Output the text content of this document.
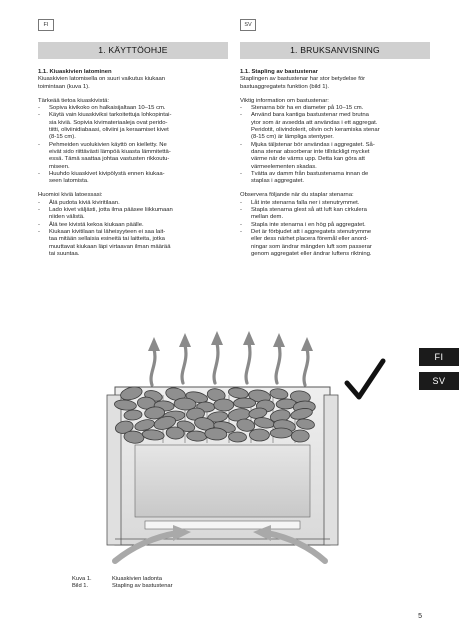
FI	SV
1. KÄYTTÖOHJE	1. BRUKSANVISNING

1.1. Kiuaskivien latominen

Kiuaskivien latomisella on suuri vaikutus kiukaan
toimintaan (kuva 1).

Tärkeää tietoa kiuaskivistä:

- Sopiva kivikoko on halkaisijaltaan 10–15 cm.
- Käytä vain kiuaskiviksi tarkoitettuja lohkopintai-
sia kiviä. Sopivia kivimateriaaleja ovat perido-
tiitti, oliviinidiabaasi, oliviini ja keraamiset kivet
(8-15 cm).
- Pehmeiden vuolukivien käyttö on kielletty. Ne
eivät sido riittävästi lämpöä kiuasta lämmitettä-
essä. Tämä saattaa johtaa vastusten rikkoutu-
miseen.
- Huuhdo kiuaskivet kivipölystä ennen kiukaa-
seen latomista.

Huomioi kiviä latoessasi:

- Älä pudota kiviä kiviritilaan.
- Lado kivet väljästi, jotta ilma pääsee liikkumaan
niiden välistä.
- Älä tee kivistä kekoa kiukaan päälle.
- Kiukaan kivitilaan tai läheisyyteen ei saa lait-
taa mitään sellaisia esineitä tai laitteita, jotka
muuttavat kiukaan läpi virtaavan ilman määrää
tai suuntaa.

1.1. Stapling av bastustenar

Staplingen av bastustenar har stor betydelse för
bastuaggregatets funktion (bild 1).

Viktig information om bastustenar:

- Stenarna bör ha en diameter på 10–15 cm.
- Använd bara kantiga bastustenar med brutna
ytor som är avsedda att användas i ett aggregat.
Peridotit, olivindolerit, olivin och keramiska stenar
(8-15 cm) är lämpliga stentyper.
- Mjuka täljstenar bör användas i aggregatet. Så-
dana stenar absorberar inte tillräckligt mycket
värme när de värms upp. Detta kan göra att
värmeelementen skadas.
- Tvätta av damm från bastustenarna innan de
staplas i aggregatet.

Observera följande när du staplar stenarna:

- Låt inte stenarna falla ner i stenutrymmet.
- Stapla stenarna glest så att luft kan cirkulera
mellan dem.
- Stapla inte stenarna i en hög på aggregatet.
- Det är förbjudet att i aggregatets stenutrymme
eller dess närhet placera föremål eller anord-
ningar som ändrar mängden luft som passerar
genom aggregatet eller ändrar luftens riktning.
FI
SV
Kuva 1.	Kiuaskivien ladonta
Bild 1.	Stapling av bastustenar
5
